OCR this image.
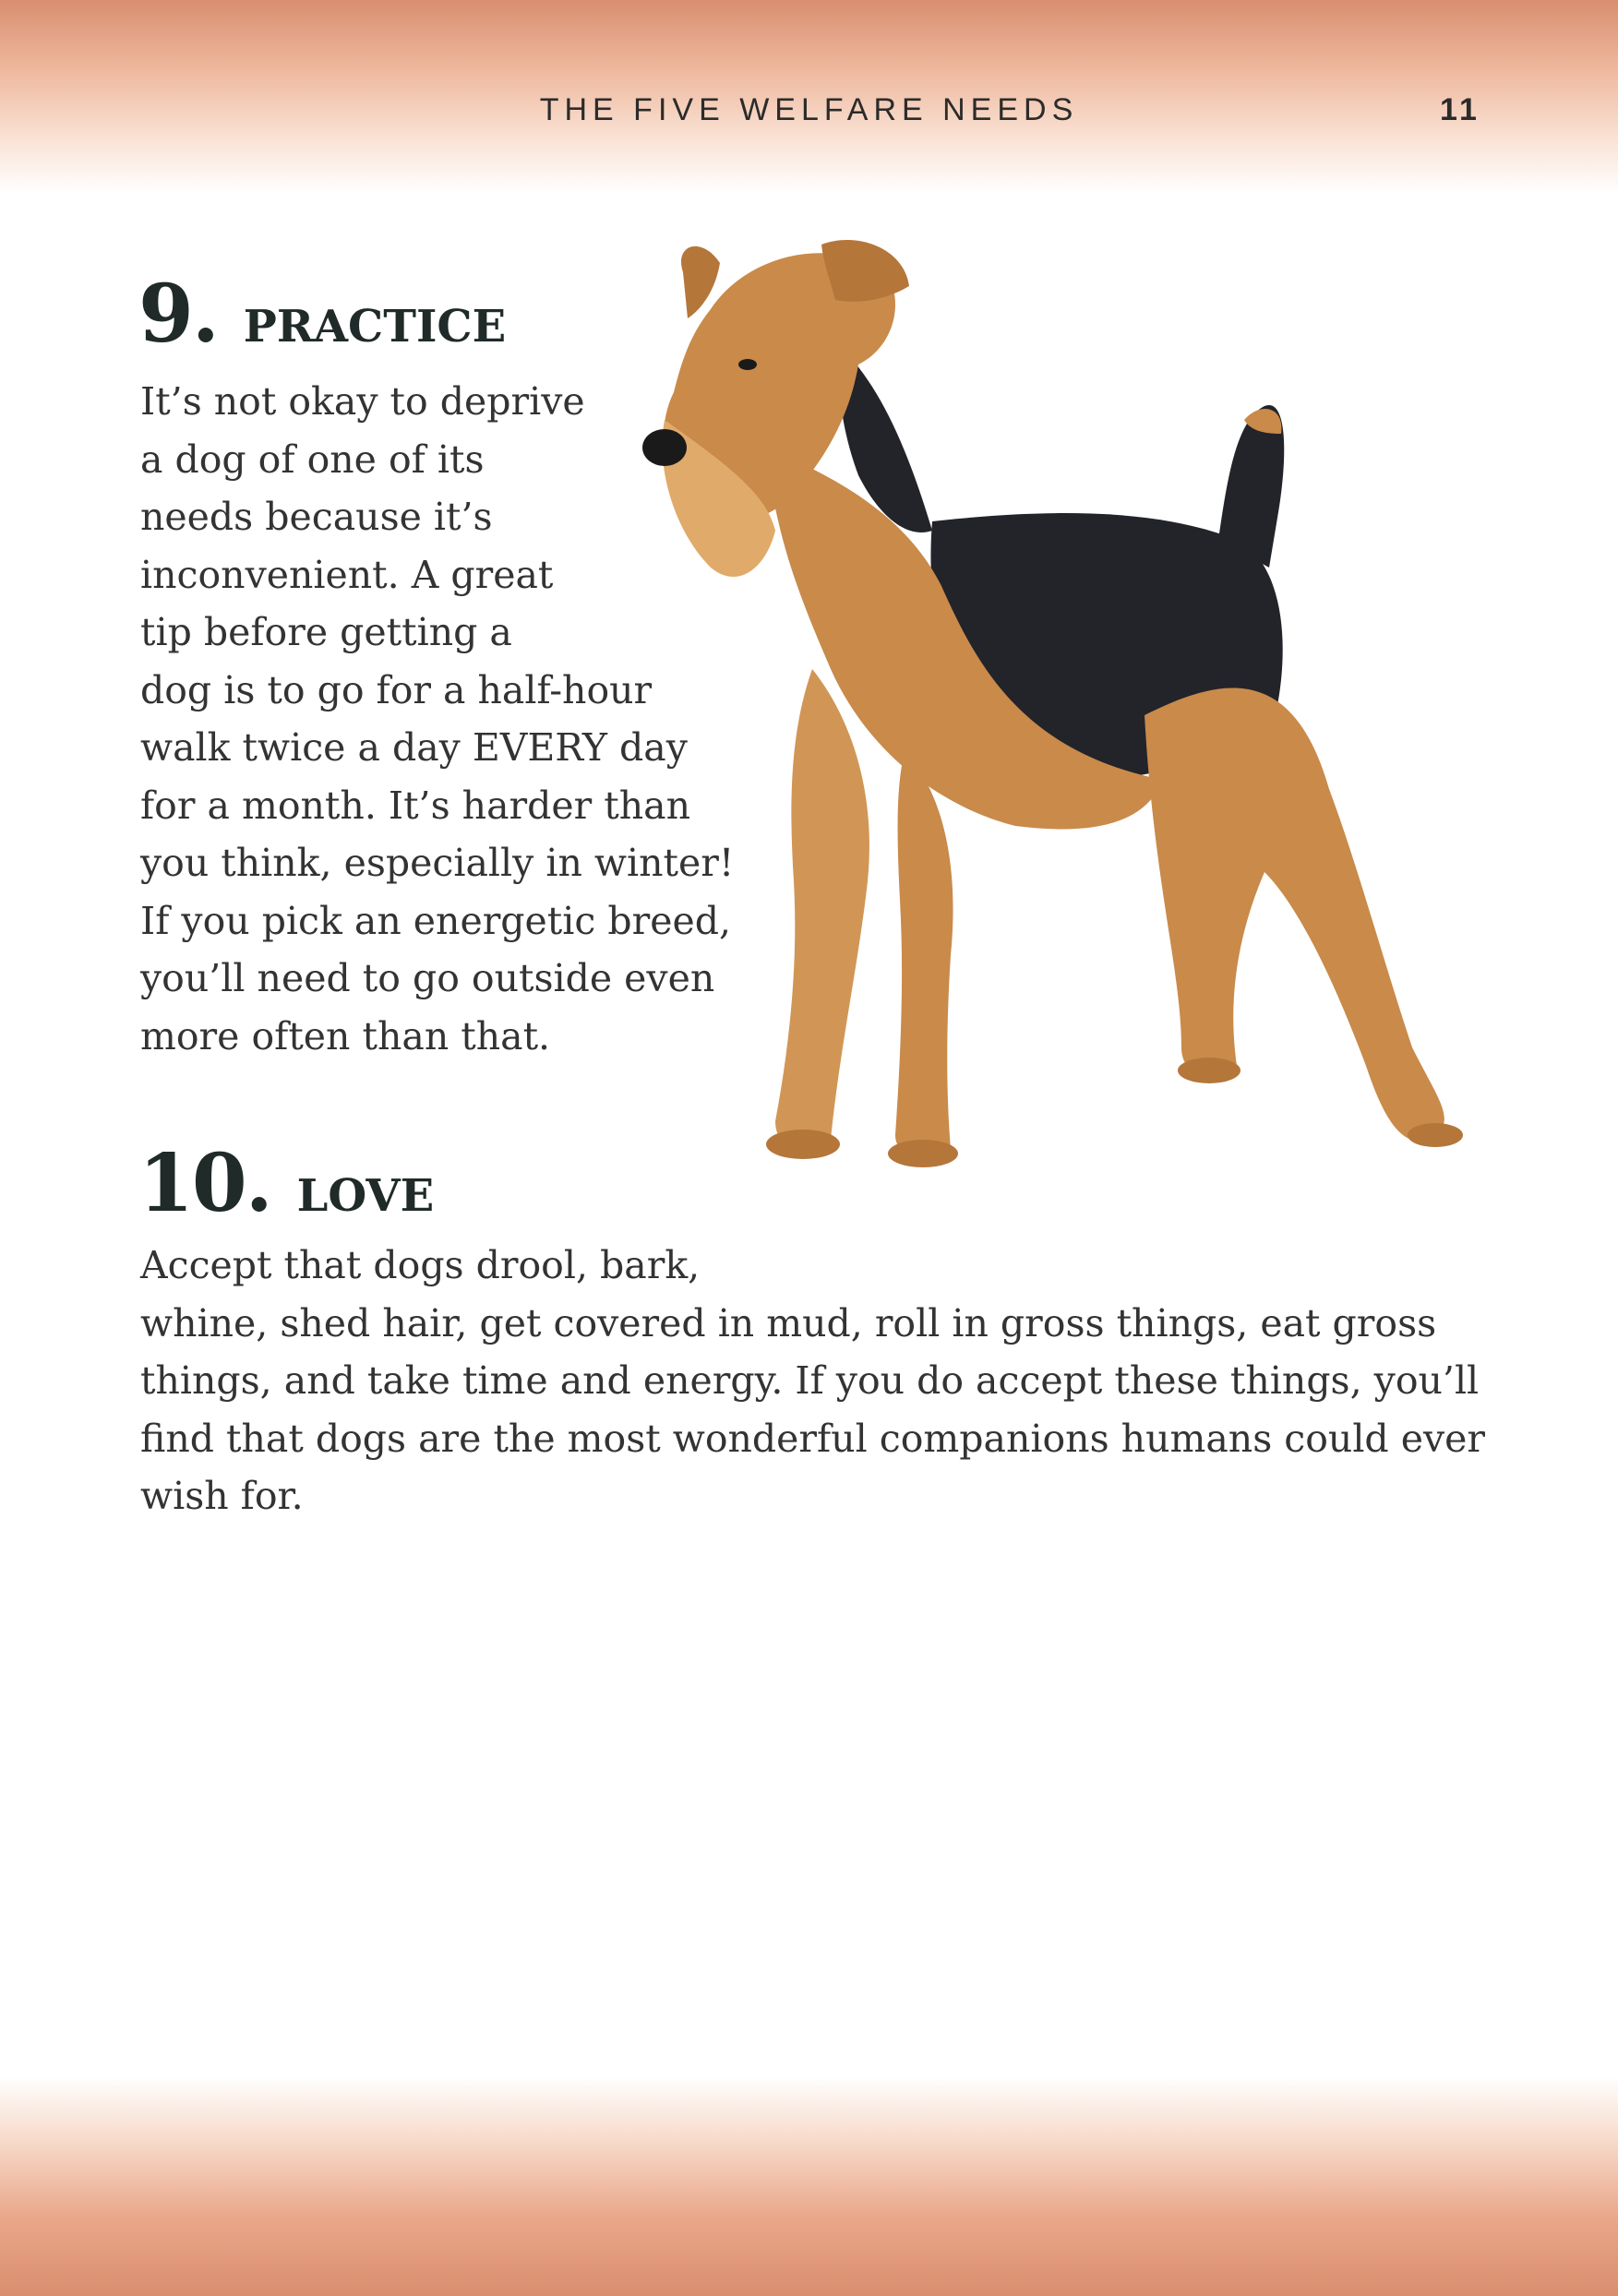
THE FIVE WELFARE NEEDS	11
9 . PRACTICE

It’s not okay to deprive
a dog of one of its
needs because it’s
inconvenient. A great
tip before getting a
dog is to go for a half-hour
walk twice a day EVERY day
for a month. It’s harder than
you think, especially in winter!
If you pick an energetic breed,
you’ll need to go outside even
more often than that.

10 . LOVE

Accept that dogs drool, bark,
whine, shed hair, get covered in mud, roll in gross things, eat gross
things, and take time and energy. If you do accept these things, you’ll
find that dogs are the most wonderful companions humans could ever
wish for.
